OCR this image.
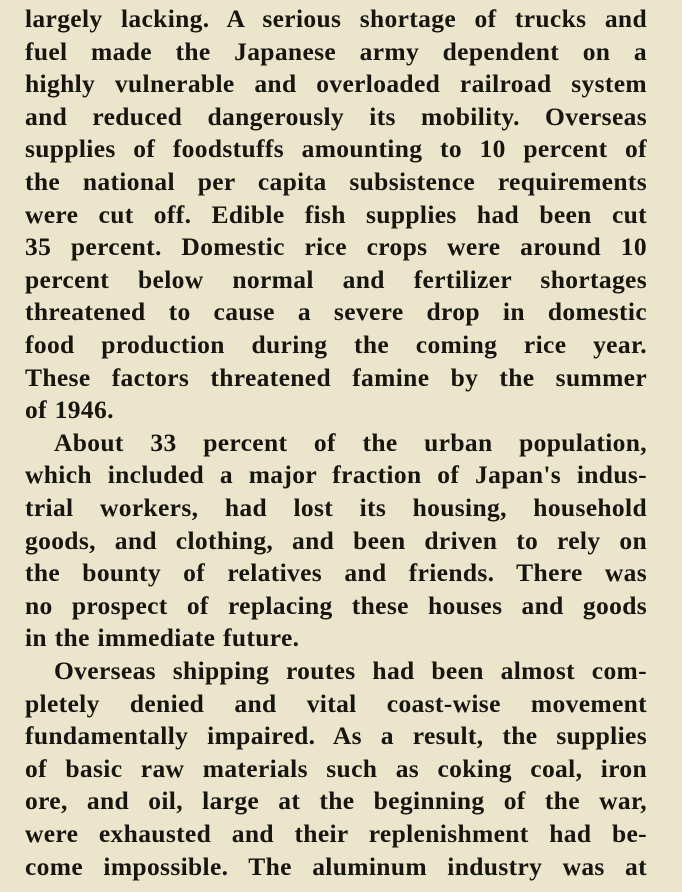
largely lacking. A serious shortage of trucks and
fuel made the Japanese army dependent on a
highly vulnerable and overloaded railroad system
and reduced dangerously its mobility. Overseas
supplies of foodstuffs amounting to 10 percent of
the national per capita subsistence requirements
were cut off. Edible fish supplies had been cut
35 percent. Domestic rice crops were around 10
percent below normal and fertilizer shortages
threatened to cause a severe drop in domestic
food production during the coming rice year.
These factors threatened famine by the summer
of 1946.
About 33 percent of the urban population,
which included a major fraction of Japan's indus-
trial workers, had lost its housing, household
goods, and clothing, and been driven to rely on
the bounty of relatives and friends. There was
no prospect of replacing these houses and goods
in the immediate future.
Overseas shipping routes had been almost com-
pletely denied and vital coast-wise movement
fundamentally impaired. As a result, the supplies
of basic raw materials such as coking coal, iron
ore, and oil, large at the beginning of the war,
were exhausted and their replenishment had be-
come impossible. The aluminum industry was at
